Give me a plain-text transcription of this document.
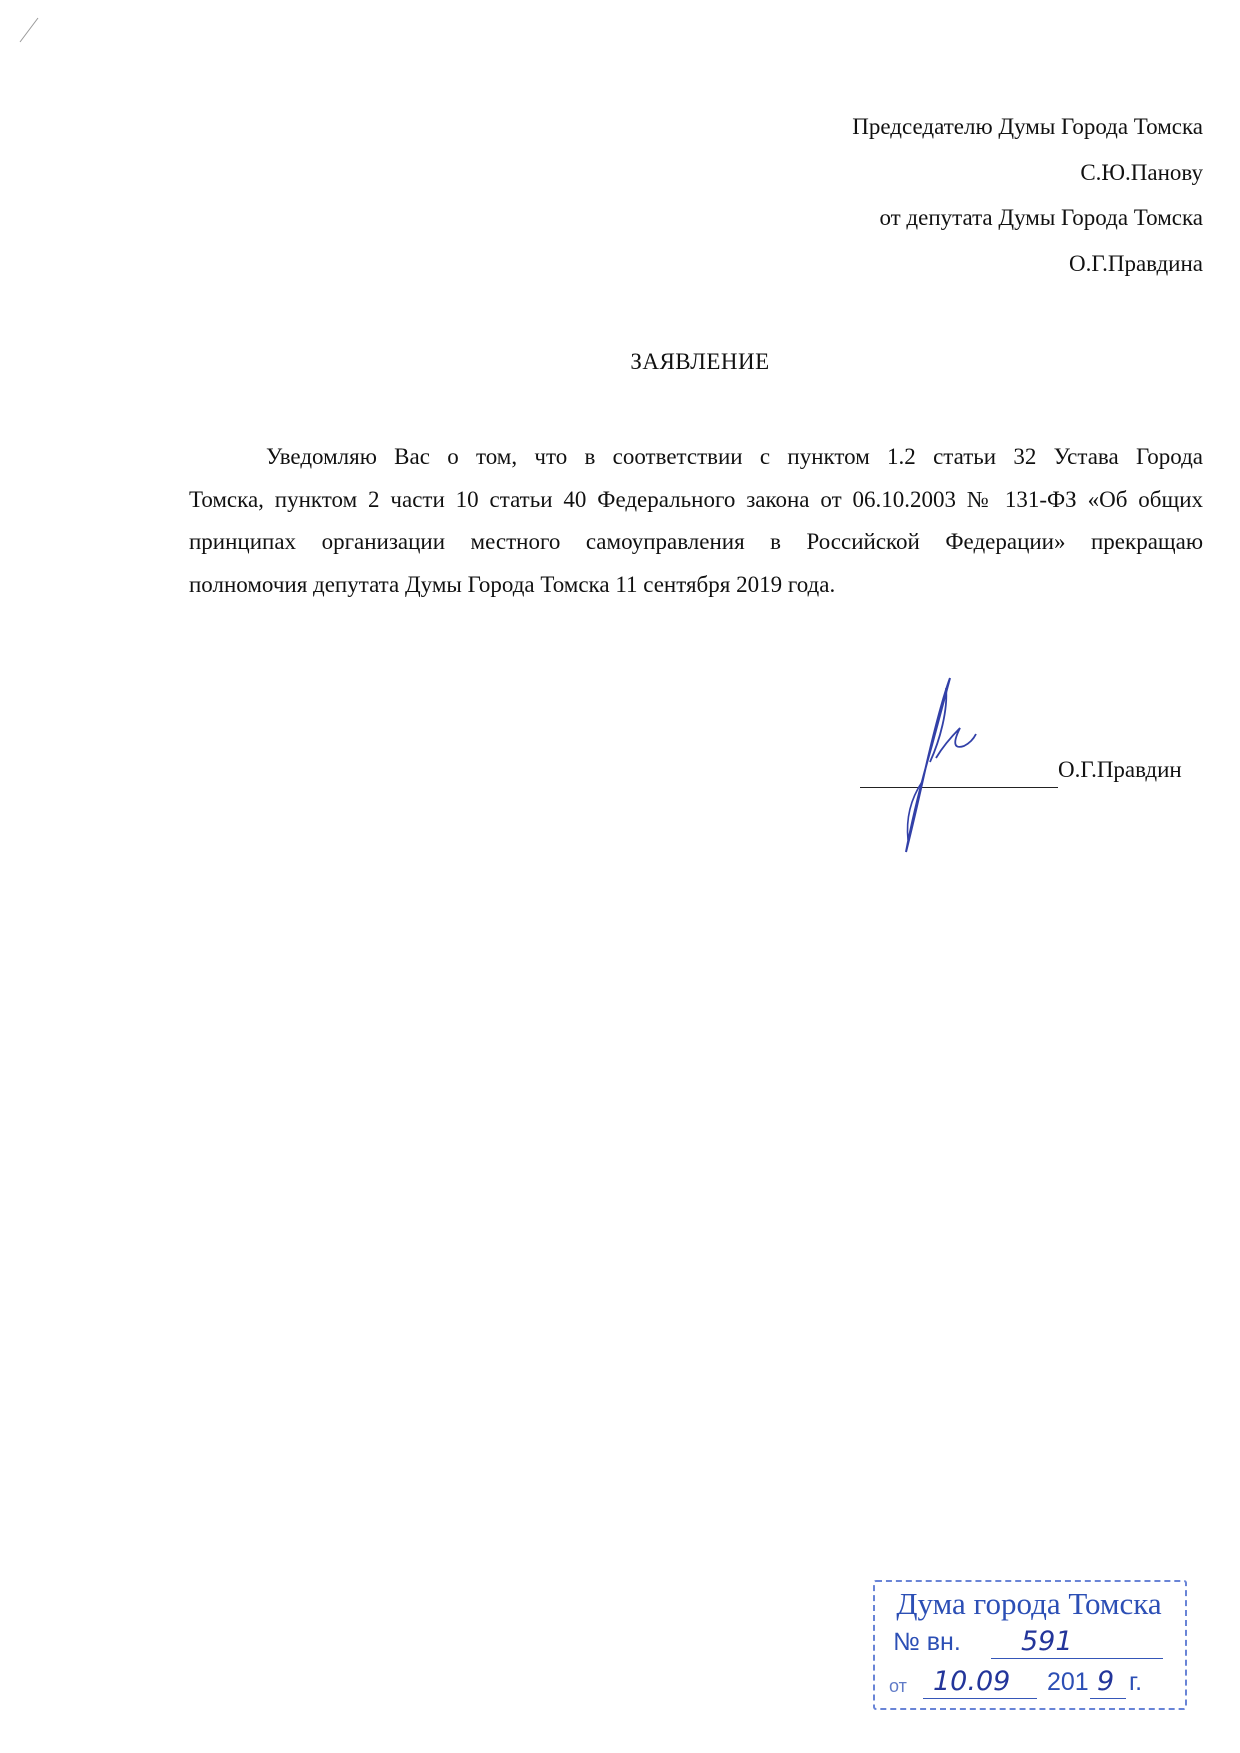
Председателю Думы Города Томска
С.Ю.Панову
от депутата Думы Города Томска
О.Г.Правдина
ЗАЯВЛЕНИЕ
Уведомляю Вас о том, что в соответствии с пунктом 1.2 статьи 32 Устава Города
Томска, пунктом 2 части 10 статьи 40 Федерального закона от 06.10.2003 № 131-ФЗ «Об общих
принципах организации местного самоуправления в Российской Федерации» прекращаю
полномочия депутата Думы Города Томска 11 сентября 2019 года.
О.Г.Правдин
Дума города Томска
№ вн. 591
от 10.09 201 9 г.
